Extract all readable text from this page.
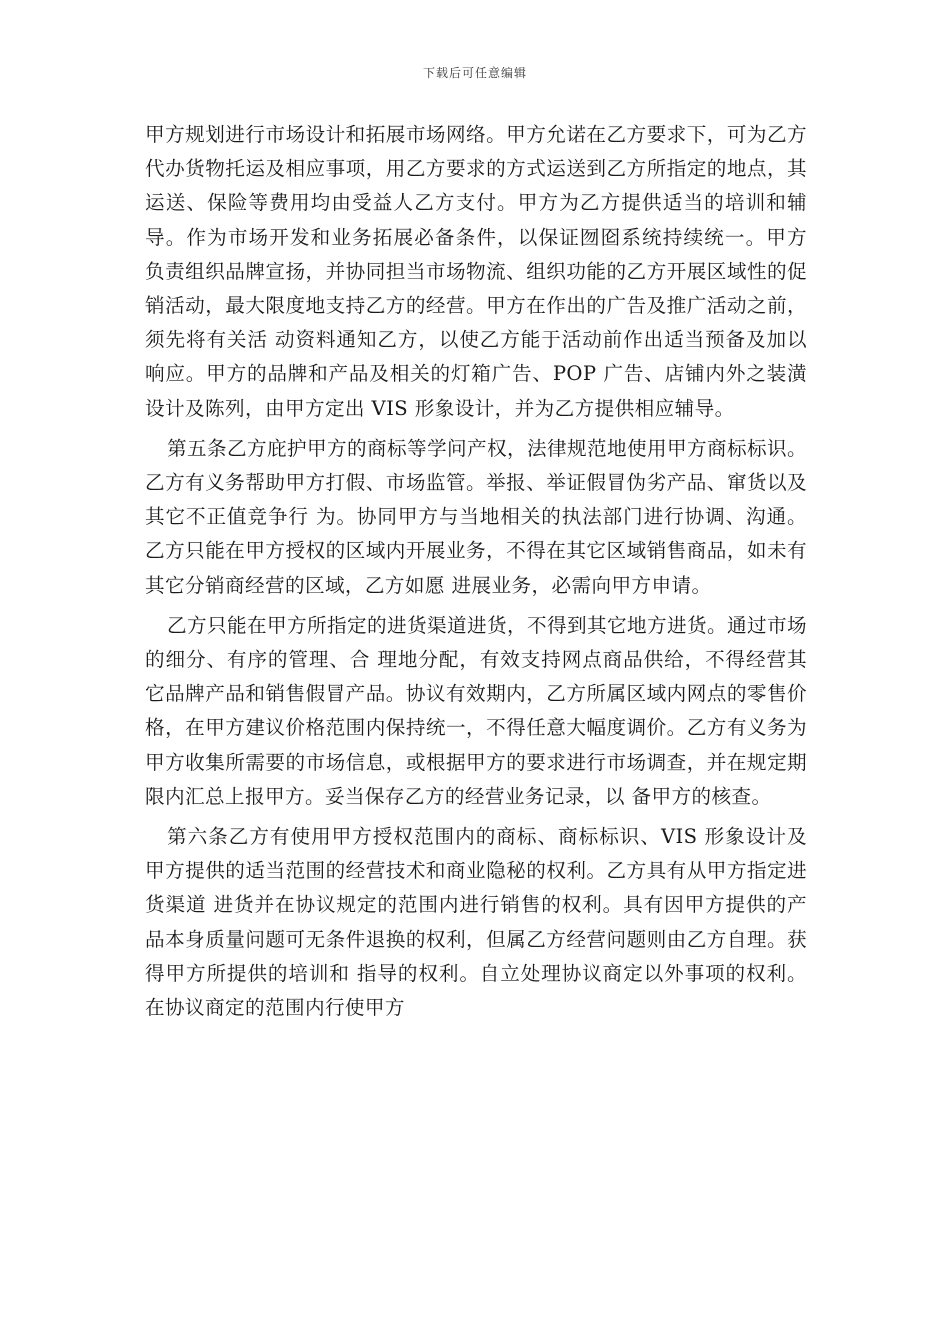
下载后可任意编辑

甲方规划进行市场设计和拓展市场网络。甲方允诺在乙方要求下，可为乙方代办货物托运及相应事项，用乙方要求的方式运送到乙方所指定的地点，其运送、保险等费用均由受益人乙方支付。甲方为乙方提供适当的培训和辅导。作为市场开发和业务拓展必备条件，以保证囫囵系统持续统一。甲方 负责组织品牌宣扬，并协同担当市场物流、组织功能的乙方开展区域性的促销活动，最大限度地支持乙方的经营。甲方在作出的广告及推广活动之前，须先将有关活 动资料通知乙方，以使乙方能于活动前作出适当预备及加以响应。甲方的品牌和产品及相关的灯箱广告、POP 广告、店铺内外之装潢设计及陈列，由甲方定出 VIS 形象设计，并为乙方提供相应辅导。

第五条乙方庇护甲方的商标等学问产权，法律规范地使用甲方商标标识。乙方有义务帮助甲方打假、市场监管。举报、举证假冒伪劣产品、窜货以及其它不正值竞争行 为。协同甲方与当地相关的执法部门进行协调、沟通。乙方只能在甲方授权的区域内开展业务，不得在其它区域销售商品，如未有其它分销商经营的区域，乙方如愿 进展业务，必需向甲方申请。

乙方只能在甲方所指定的进货渠道进货，不得到其它地方进货。通过市场的细分、有序的管理、合 理地分配，有效支持网点商品供给，不得经营其它品牌产品和销售假冒产品。协议有效期内，乙方所属区域内网点的零售价格，在甲方建议价格范围内保持统一，不得任意大幅度调价。乙方有义务为甲方收集所需要的市场信息，或根据甲方的要求进行市场调查，并在规定期限内汇总上报甲方。妥当保存乙方的经营业务记录，以 备甲方的核查。

第六条乙方有使用甲方授权范围内的商标、商标标识、VIS 形象设计及甲方提供的适当范围的经营技术和商业隐秘的权利。乙方具有从甲方指定进货渠道 进货并在协议规定的范围内进行销售的权利。具有因甲方提供的产品本身质量问题可无条件退换的权利，但属乙方经营问题则由乙方自理。获得甲方所提供的培训和 指导的权利。自立处理协议商定以外事项的权利。在协议商定的范围内行使甲方
